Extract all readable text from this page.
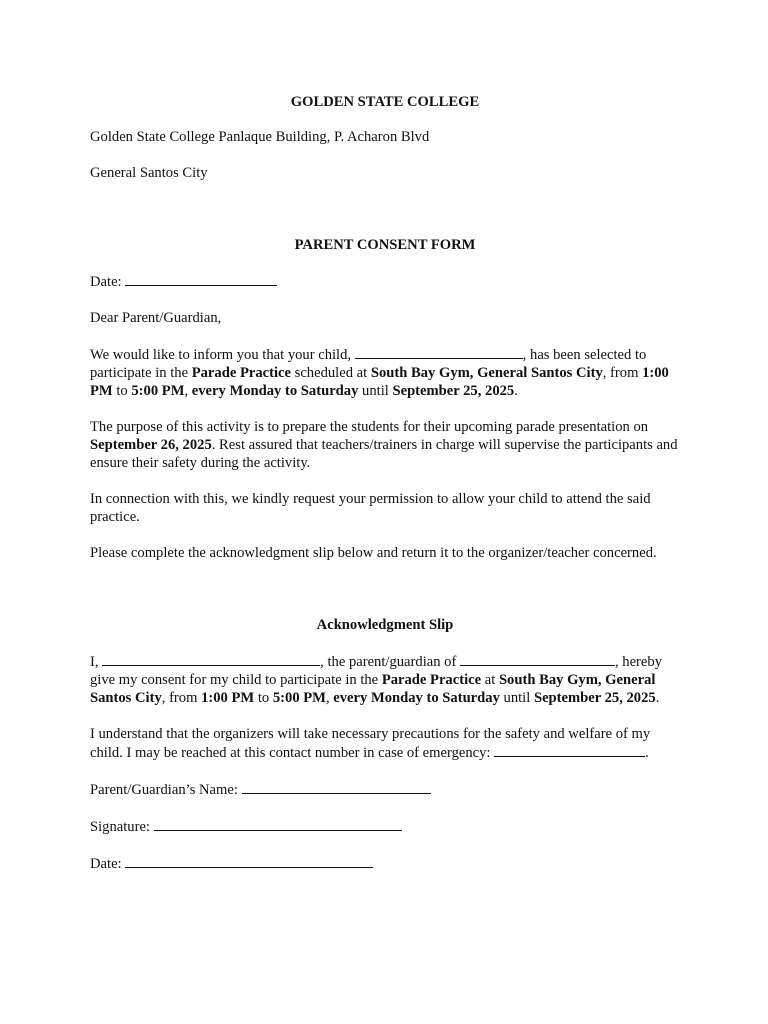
GOLDEN STATE COLLEGE

Golden State College Panlaque Building, P. Acharon Blvd

General Santos City

PARENT CONSENT FORM

Date:

Dear Parent/Guardian,

We would like to inform you that your child,	, has been selected to participate in the Parade Practice scheduled at South Bay Gym, General Santos City, from 1:00 PM to 5:00 PM, every Monday to Saturday until September 25, 2025.

The purpose of this activity is to prepare the students for their upcoming parade presentation on September 26, 2025. Rest assured that teachers/trainers in charge will supervise the participants and ensure their safety during the activity.

In connection with this, we kindly request your permission to allow your child to attend the said practice.

Please complete the acknowledgment slip below and return it to the organizer/teacher concerned.

Acknowledgment Slip

I,	, the parent/guardian of	, hereby give my consent for my child to participate in the Parade Practice at South Bay Gym, General Santos City, from 1:00 PM to 5:00 PM, every Monday to Saturday until September 25, 2025.

I understand that the organizers will take necessary precautions for the safety and welfare of my child. I may be reached at this contact number in case of emergency:	.

Parent/Guardian’s Name:

Signature:

Date:
